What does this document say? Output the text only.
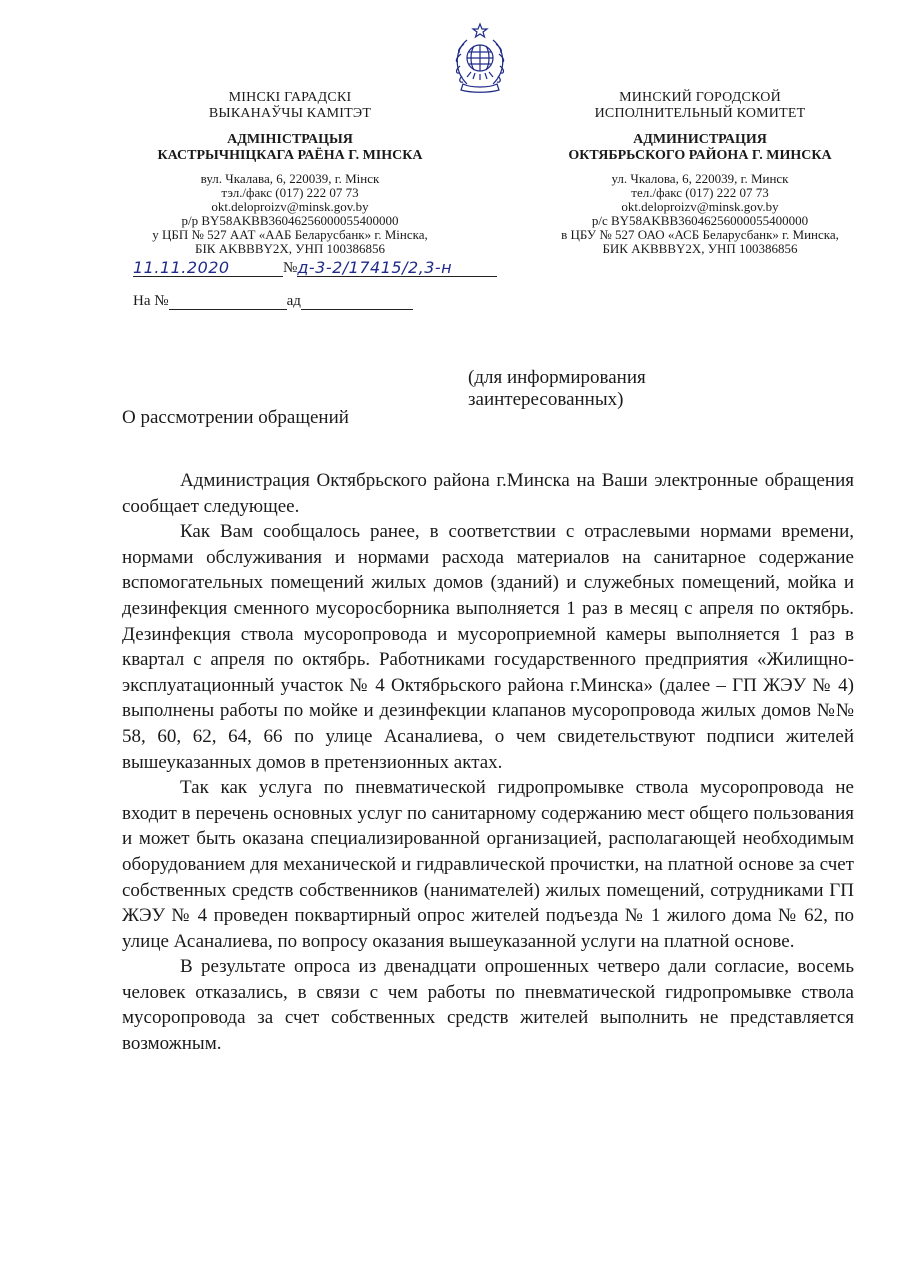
МІНСКІ ГАРАДСКІ
ВЫКАНАЎЧЫ КАМІТЭТ
АДМІНІСТРАЦЫЯ
КАСТРЫЧНІЦКАГА РАЁНА Г. МІНСКА
вул. Чкалава, 6, 220039, г. Мінск
тэл./факс (017) 222 07 73
okt.deloproizv@minsk.gov.by
р/р BY58AKBB36046256000055400000
у ЦБП № 527 ААТ «ААБ Беларусбанк» г. Мінска,
БІК AKBBBY2X, УНП 100386856
МИНСКИЙ ГОРОДСКОЙ
ИСПОЛНИТЕЛЬНЫЙ КОМИТЕТ
АДМИНИСТРАЦИЯ
ОКТЯБРЬСКОГО РАЙОНА Г. МИНСКА
ул. Чкалова, 6, 220039, г. Минск
тел./факс (017) 222 07 73
okt.deloproizv@minsk.gov.by
р/с BY58AKBB36046256000055400000
в ЦБУ № 527 ОАО «АСБ Беларусбанк» г. Минска,
БИК AKBBBY2X, УНП 100386856
11.11.2020	№д-3-2/17415/2,3-н
На №	ад
(для информирования
заинтересованных)
О рассмотрении обращений

Администрация Октябрьского района г.Минска на Ваши электронные обращения сообщает следующее.

Как Вам сообщалось ранее, в соответствии с отраслевыми нормами времени, нормами обслуживания и нормами расхода материалов на санитарное содержание вспомогательных помещений жилых домов (зданий) и служебных помещений, мойка и дезинфекция сменного мусоросборника выполняется 1 раз в месяц с апреля по октябрь. Дезинфекция ствола мусоропровода и мусороприемной камеры выполняется 1 раз в квартал с апреля по октябрь. Работниками государственного предприятия «Жилищно-эксплуатационный участок № 4 Октябрьского района г.Минска» (далее – ГП ЖЭУ № 4) выполнены работы по мойке и дезинфекции клапанов мусоропровода жилых домов №№ 58, 60, 62, 64, 66 по улице Асаналиева, о чем свидетельствуют подписи жителей вышеуказанных домов в претензионных актах.

Так как услуга по пневматической гидропромывке ствола мусоропровода не входит в перечень основных услуг по санитарному содержанию мест общего пользования и может быть оказана специализированной организацией, располагающей необходимым оборудованием для механической и гидравлической прочистки, на платной основе за счет собственных средств собственников (нанимателей) жилых помещений, сотрудниками ГП ЖЭУ № 4 проведен поквартирный опрос жителей подъезда № 1 жилого дома № 62, по улице Асаналиева, по вопросу оказания вышеуказанной услуги на платной основе.

В результате опроса из двенадцати опрошенных четверо дали согласие, восемь человек отказались, в связи с чем работы по пневматической гидропромывке ствола мусоропровода за счет собственных средств жителей выполнить не представляется возможным.
